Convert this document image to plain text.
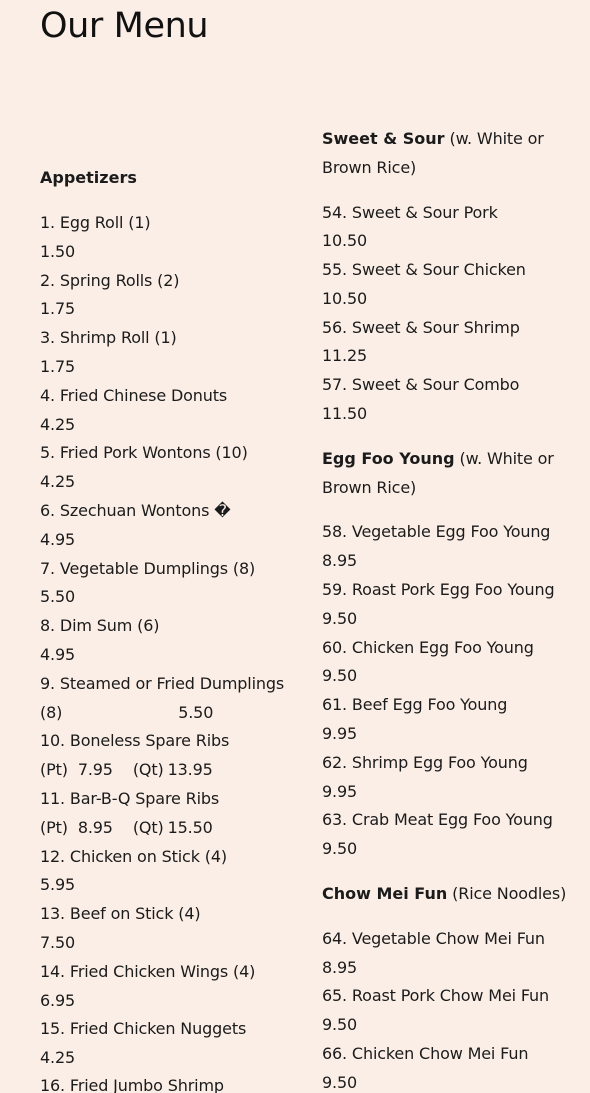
Our Menu
Appetizers
1. Egg Roll (1)
1.50
2. Spring Rolls (2)
1.75
3. Shrimp Roll (1)
1.75
4. Fried Chinese Donuts
4.25
5. Fried Pork Wontons (10)
4.25
6. Szechuan Wontons �
4.95
7. Vegetable Dumplings (8)
5.50
8. Dim Sum (6)
4.95
9. Steamed or Fried Dumplings
(8)	5.50
10. Boneless Spare Ribs
(Pt) 7.95 (Qt) 13.95
11. Bar-B-Q Spare Ribs
(Pt) 8.95 (Qt) 15.50
12. Chicken on Stick (4)
5.95
13. Beef on Stick (4)
7.50
14. Fried Chicken Wings (4)
6.95
15. Fried Chicken Nuggets
4.25
16. Fried Jumbo Shrimp
Sweet & Sour (w. White or
Brown Rice)
54. Sweet & Sour Pork
10.50
55. Sweet & Sour Chicken
10.50
56. Sweet & Sour Shrimp
11.25
57. Sweet & Sour Combo
11.50
Egg Foo Young (w. White or
Brown Rice)
58. Vegetable Egg Foo Young
8.95
59. Roast Pork Egg Foo Young
9.50
60. Chicken Egg Foo Young
9.50
61. Beef Egg Foo Young
9.95
62. Shrimp Egg Foo Young
9.95
63. Crab Meat Egg Foo Young
9.50
Chow Mei Fun (Rice Noodles)
64. Vegetable Chow Mei Fun
8.95
65. Roast Pork Chow Mei Fun
9.50
66. Chicken Chow Mei Fun
9.50
